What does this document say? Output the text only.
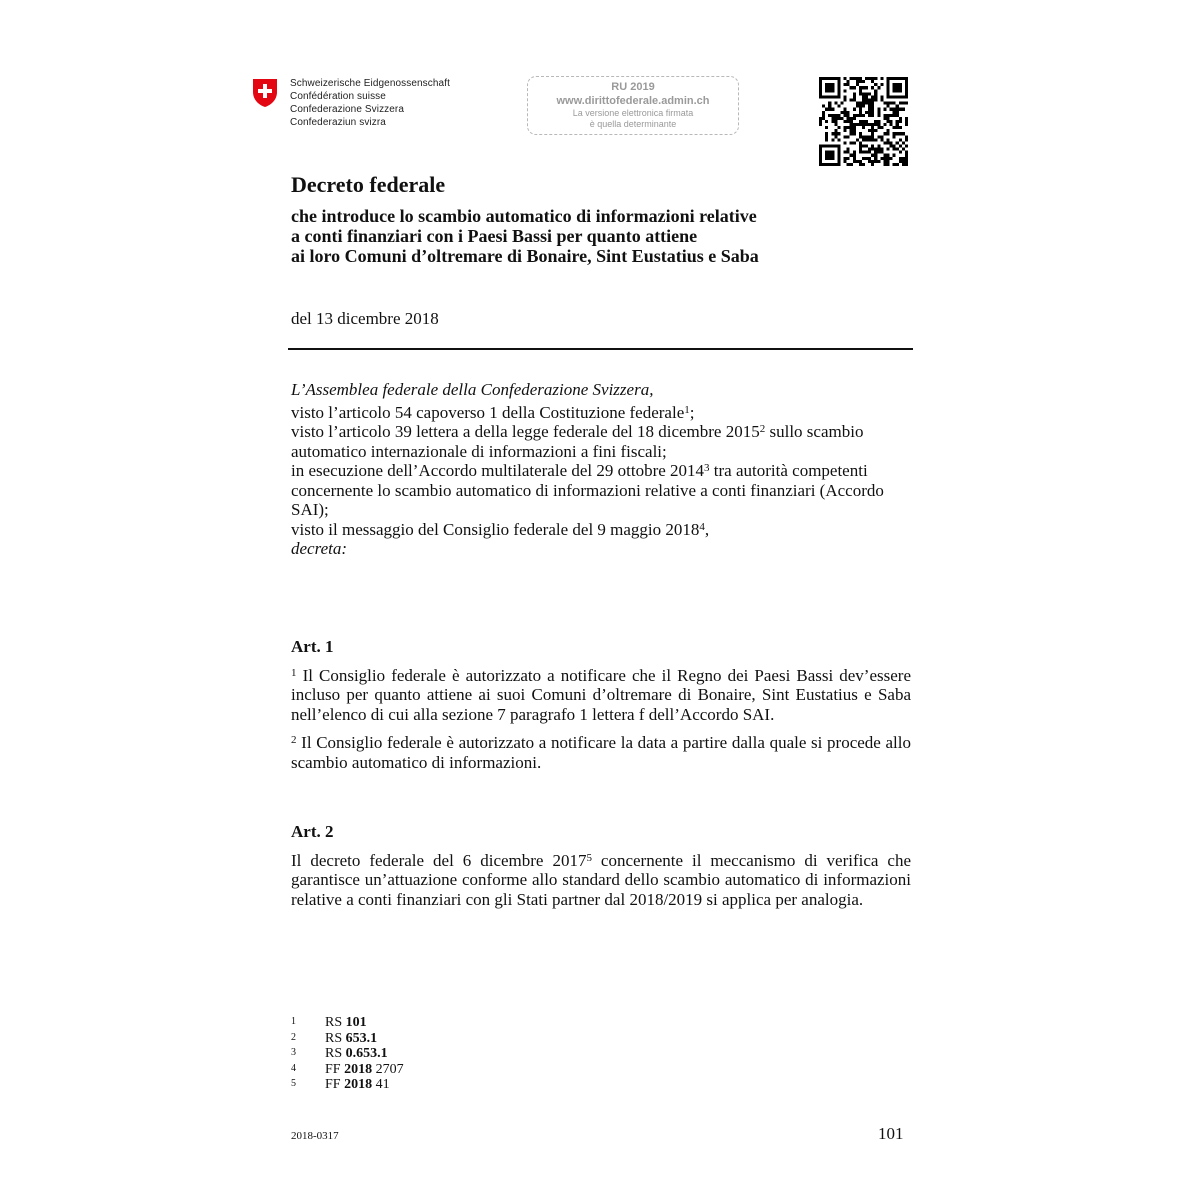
Schweizerische Eidgenossenschaft
Confédération suisse
Confederazione Svizzera
Confederaziun svizra
RU 2019
www.dirittofederale.admin.ch
La versione elettronica firmata
è quella determinante
Decreto federale
che introduce lo scambio automatico di informazioni relative
a conti finanziari con i Paesi Bassi per quanto attiene
ai loro Comuni d’oltremare di Bonaire, Sint Eustatius e Saba
del 13 dicembre 2018

L’Assemblea federale della Confederazione Svizzera,

visto l’articolo 54 capoverso 1 della Costituzione federale$^1$;

visto l’articolo 39 lettera a della legge federale del 18 dicembre 2015$^2$ sullo scambio automatico internazionale di informazioni a fini fiscali;

in esecuzione dell’Accordo multilaterale del 29 ottobre 2014$^3$ tra autorità competenti concernente lo scambio automatico di informazioni relative a conti finanziari (Accordo SAI);

visto il messaggio del Consiglio federale del 9 maggio 2018$^4$,

decreta:

Art. 1

$^1$ Il Consiglio federale è autorizzato a notificare che il Regno dei Paesi Bassi dev’essere incluso per quanto attiene ai suoi Comuni d’oltremare di Bonaire, Sint Eustatius e Saba nell’elenco di cui alla sezione 7 paragrafo 1 lettera f dell’Accordo SAI.

$^2$ Il Consiglio federale è autorizzato a notificare la data a partire dalla quale si procede allo scambio automatico di informazioni.

Art. 2

Il decreto federale del 6 dicembre 2017$^5$ concernente il meccanismo di verifica che garantisce un’attuazione conforme allo standard dello scambio automatico di informazioni relative a conti finanziari con gli Stati partner dal 2018/2019 si applica per analogia.

1	RS 101
2	RS 653.1
3	RS 0.653.1
4	FF 2018 2707
5	FF 2018 41
2018-0317	101
